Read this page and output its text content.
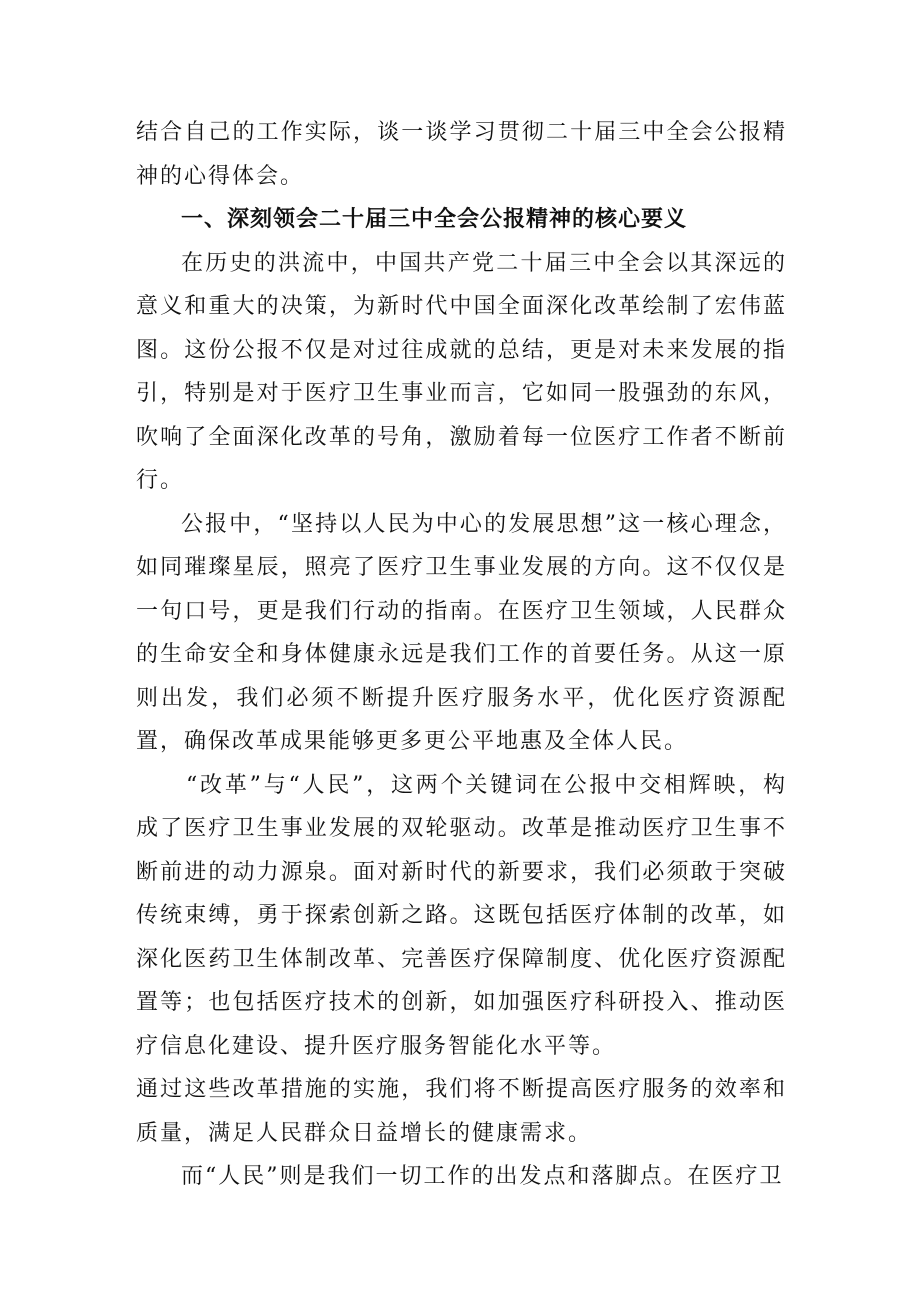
结合自己的工作实际，谈一谈学习贯彻二十届三中全会公报精神的心得体会。

一、深刻领会二十届三中全会公报精神的核心要义

在历史的洪流中，中国共产党二十届三中全会以其深远的意义和重大的决策，为新时代中国全面深化改革绘制了宏伟蓝图。这份公报不仅是对过往成就的总结，更是对未来发展的指引，特别是对于医疗卫生事业而言，它如同一股强劲的东风，吹响了全面深化改革的号角，激励着每一位医疗工作者不断前行。

公报中，“坚持以人民为中心的发展思想”这一核心理念，如同璀璨星辰，照亮了医疗卫生事业发展的方向。这不仅仅是一句口号，更是我们行动的指南。在医疗卫生领域，人民群众的生命安全和身体健康永远是我们工作的首要任务。从这一原则出发，我们必须不断提升医疗服务水平，优化医疗资源配置，确保改革成果能够更多更公平地惠及全体人民。

“改革”与“人民”，这两个关键词在公报中交相辉映，构成了医疗卫生事业发展的双轮驱动。改革是推动医疗卫生事不断前进的动力源泉。面对新时代的新要求，我们必须敢于突破传统束缚，勇于探索创新之路。这既包括医疗体制的改革，如深化医药卫生体制改革、完善医疗保障制度、优化医疗资源配置等；也包括医疗技术的创新，如加强医疗科研投入、推动医疗信息化建设、提升医疗服务智能化水平等。

通过这些改革措施的实施，我们将不断提高医疗服务的效率和质量，满足人民群众日益增长的健康需求。

而“人民”则是我们一切工作的出发点和落脚点。在医疗卫
